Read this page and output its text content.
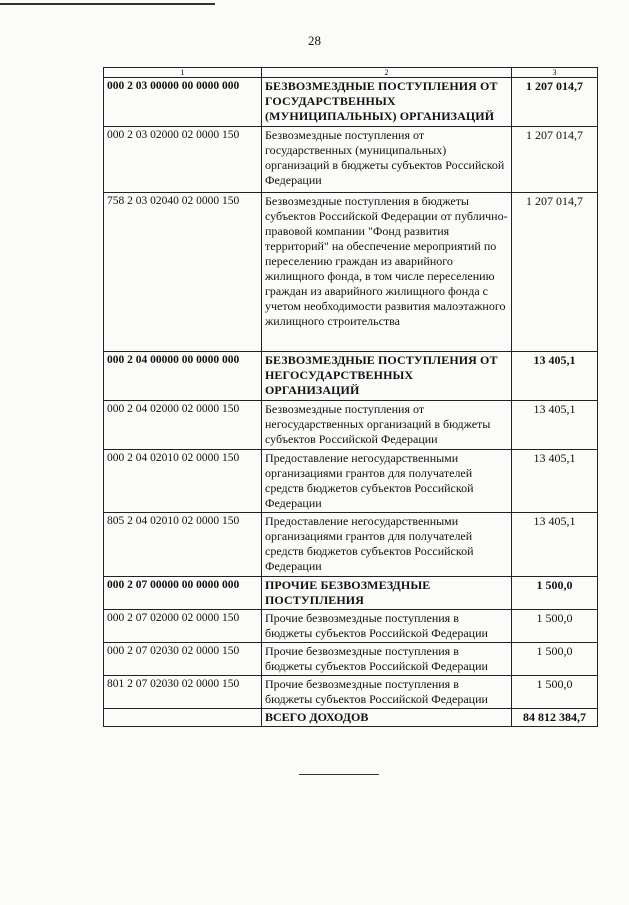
28
1	2	3
000 2 03 00000 00 0000 000	БЕЗВОЗМЕЗДНЫЕ ПОСТУПЛЕНИЯ ОТ ГОСУДАРСТВЕННЫХ (МУНИЦИПАЛЬНЫХ) ОРГАНИЗАЦИЙ	1 207 014,7
000 2 03 02000 02 0000 150	Безвозмездные поступления от государственных (муниципальных) организаций в бюджеты субъектов Российской Федерации	1 207 014,7
758 2 03 02040 02 0000 150	Безвозмездные поступления в бюджеты субъектов Российской Федерации от публично-правовой компании "Фонд развития территорий" на обеспечение мероприятий по переселению граждан из аварийного жилищного фонда, в том числе переселению граждан из аварийного жилищного фонда с учетом необходимости развития малоэтажного жилищного строительства	1 207 014,7
000 2 04 00000 00 0000 000	БЕЗВОЗМЕЗДНЫЕ ПОСТУПЛЕНИЯ ОТ НЕГОСУДАРСТВЕННЫХ ОРГАНИЗАЦИЙ	13 405,1
000 2 04 02000 02 0000 150	Безвозмездные поступления от негосударственных организаций в бюджеты субъектов Российской Федерации	13 405,1
000 2 04 02010 02 0000 150	Предоставление негосударственными организациями грантов для получателей средств бюджетов субъектов Российской Федерации	13 405,1
805 2 04 02010 02 0000 150	Предоставление негосударственными организациями грантов для получателей средств бюджетов субъектов Российской Федерации	13 405,1
000 2 07 00000 00 0000 000	ПРОЧИЕ БЕЗВОЗМЕЗДНЫЕ ПОСТУПЛЕНИЯ	1 500,0
000 2 07 02000 02 0000 150	Прочие безвозмездные поступления в бюджеты субъектов Российской Федерации	1 500,0
000 2 07 02030 02 0000 150	Прочие безвозмездные поступления в бюджеты субъектов Российской Федерации	1 500,0
801 2 07 02030 02 0000 150	Прочие безвозмездные поступления в бюджеты субъектов Российской Федерации	1 500,0
	ВСЕГО ДОХОДОВ	84 812 384,7
